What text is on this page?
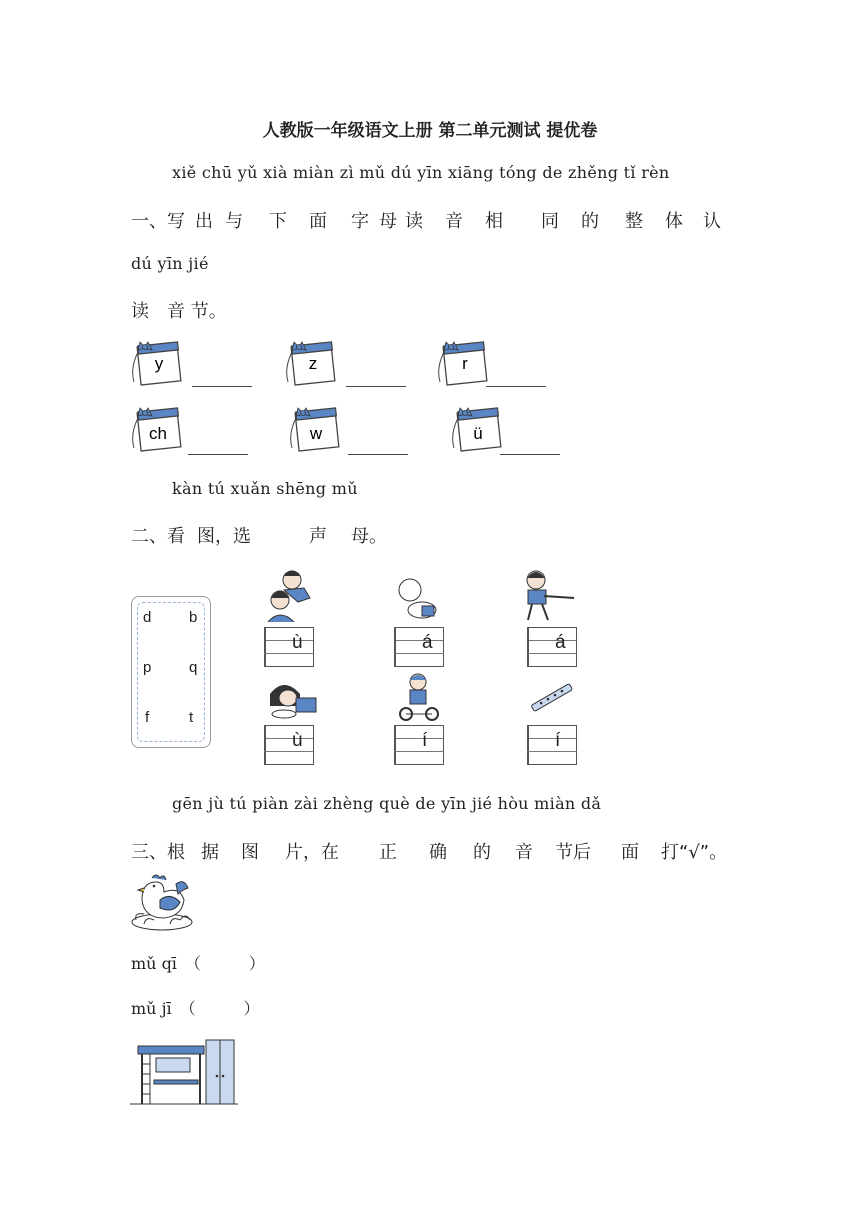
人教版一年级语文上册 第二单元测试 提优卷
xiě chū yǔ xià miàn zì mǔ dú yīn xiāng tóng de zhěng tǐ rèn
一、写 出 与 下 面 字 母 读 音 相 同 的 整 体 认
dú yīn jié
读　音 节。
y	z	r
ch	w	ü
kàn tú xuǎn shēng mǔ
二、看 图，选	声 母。
d	b
p	q
f	t
ù	á	á
ù	í	í
gēn jù tú piàn zài zhèng què de yīn jié hòu miàn dǎ
三、根 据 图 片，在 正 确 的 音 节后 面 打“√”。
mǔ qī　（　　　）
mǔ jī　（　　　）
